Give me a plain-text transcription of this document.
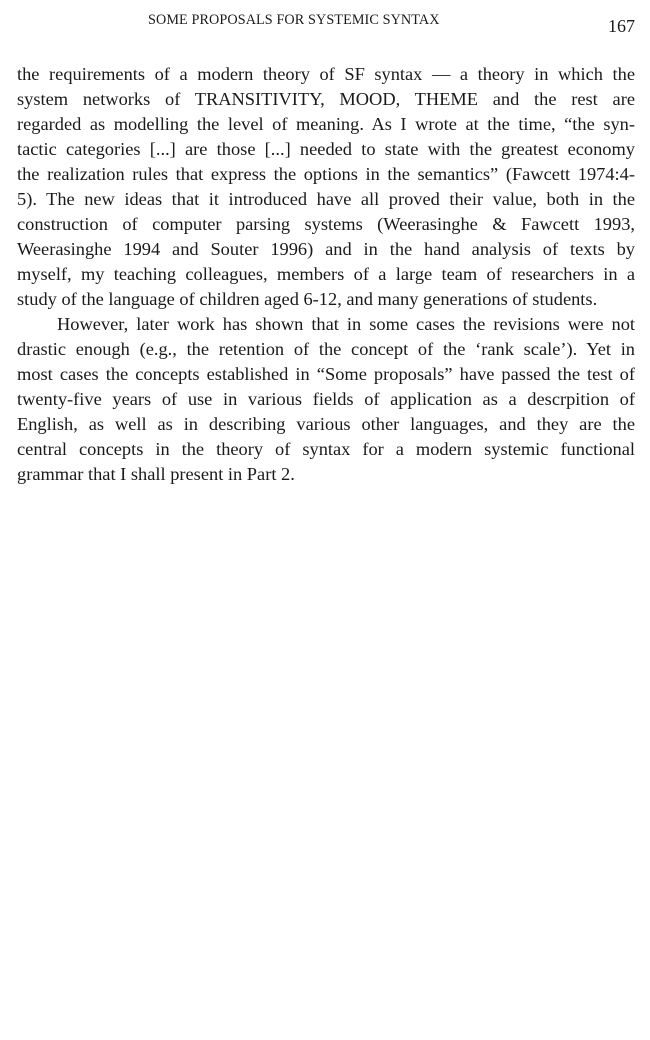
SOME PROPOSALS FOR SYSTEMIC SYNTAX	167
the requirements of a modern theory of SF syntax — a theory in which the
system networks of TRANSITIVITY, MOOD, THEME and the rest are
regarded as modelling the level of meaning. As I wrote at the time, “the syn-
tactic categories [...] are those [...] needed to state with the greatest economy
the realization rules that express the options in the semantics” (Fawcett 1974:4-
5). The new ideas that it introduced have all proved their value, both in the
construction of computer parsing systems (Weerasinghe & Fawcett 1993,
Weerasinghe 1994 and Souter 1996) and in the hand analysis of texts by
myself, my teaching colleagues, members of a large team of researchers in a
study of the language of children aged 6-12, and many generations of students.
However, later work has shown that in some cases the revisions were not
drastic enough (e.g., the retention of the concept of the ‘rank scale’). Yet in
most cases the concepts established in “Some proposals” have passed the test of
twenty-five years of use in various fields of application as a descrpition of
English, as well as in describing various other languages, and they are the
central concepts in the theory of syntax for a modern systemic functional
grammar that I shall present in Part 2.
